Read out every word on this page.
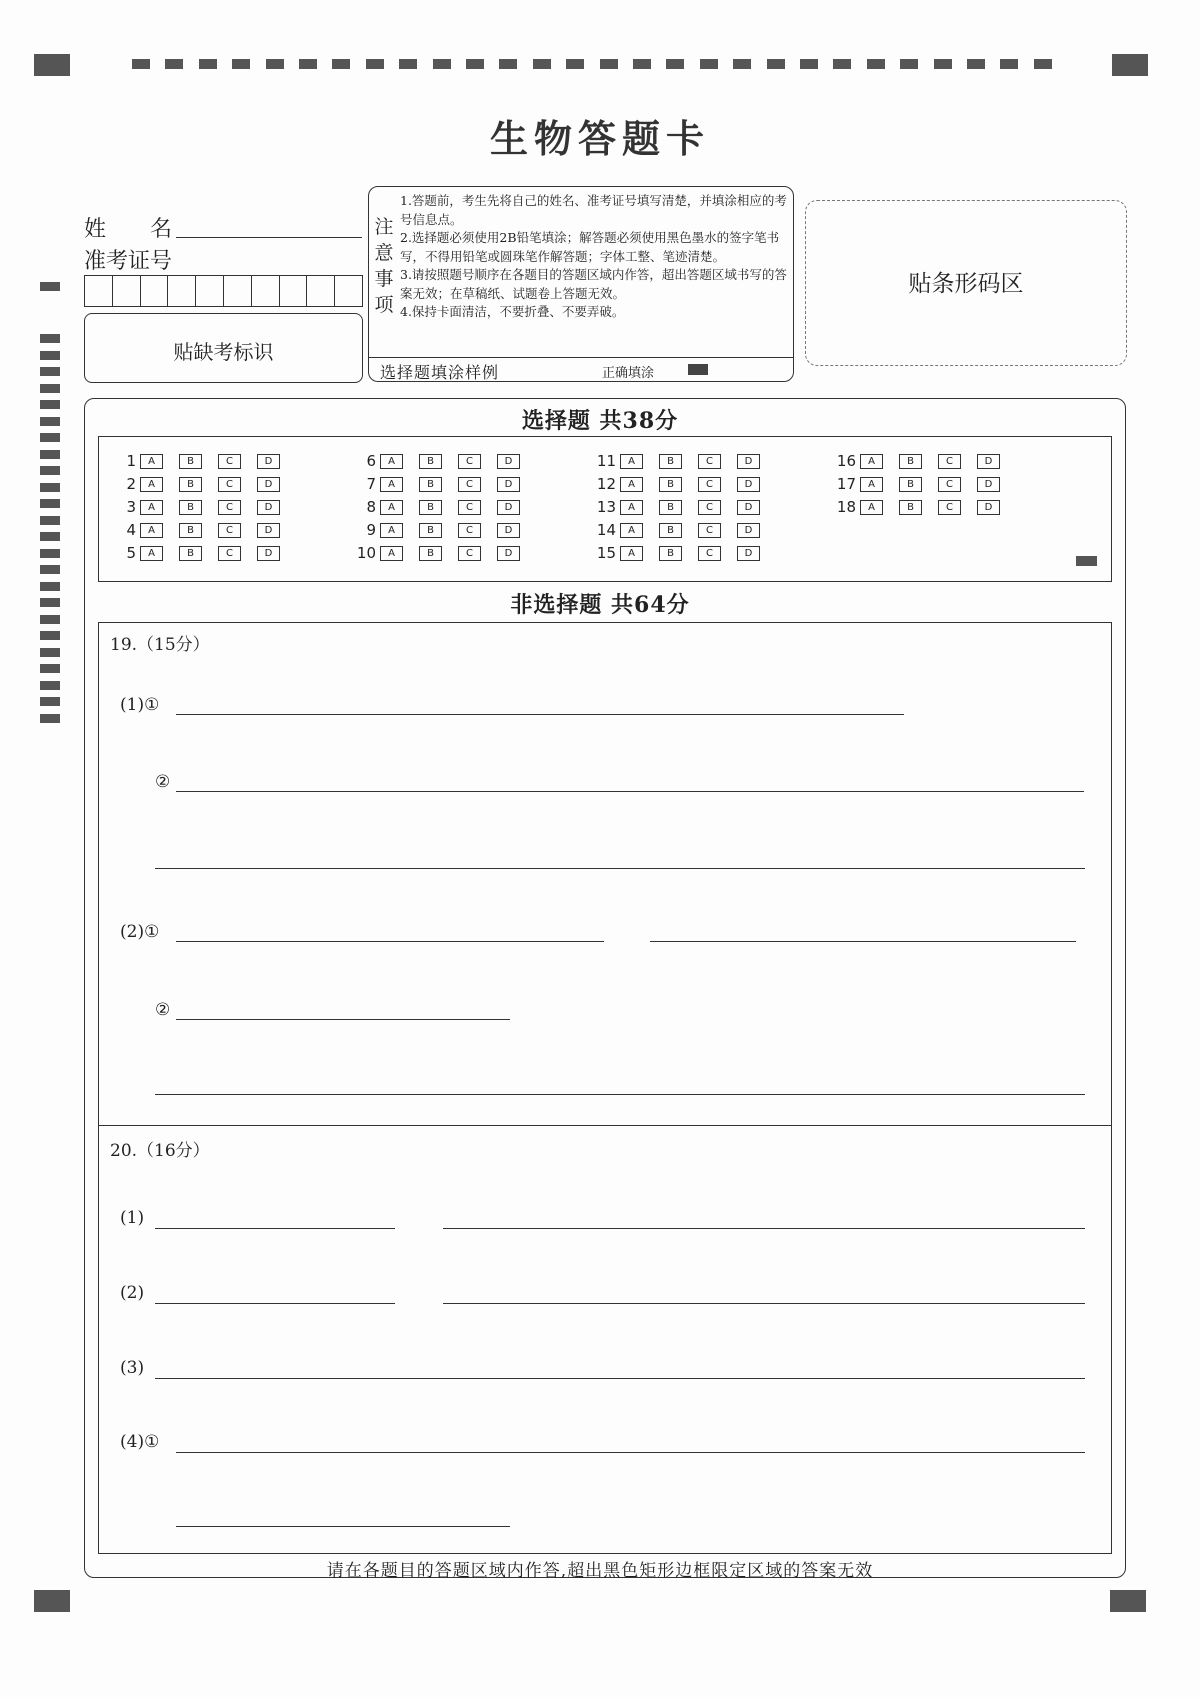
生物答题卡
姓　　名
准考证号
贴缺考标识
注意事项

1.答题前，考生先将自己的姓名、准考证号填写清楚，并填涂相应的考号信息点。

2.选择题必须使用2B铅笔填涂；解答题必须使用黑色墨水的签字笔书写，不得用铅笔或圆珠笔作解答题；字体工整、笔迹清楚。

3.请按照题号顺序在各题目的答题区域内作答，超出答题区域书写的答案无效；在草稿纸、试题卷上答题无效。

4.保持卡面清洁，不要折叠、不要弄破。

选择题填涂样例	正确填涂
贴条形码区
选择题 共38分
1	A	B	C	D
2	A	B	C	D
3	A	B	C	D
4	A	B	C	D
5	A	B	C	D
6	A	B	C	D
7	A	B	C	D
8	A	B	C	D
9	A	B	C	D
10	A	B	C	D
11	A	B	C	D
12	A	B	C	D
13	A	B	C	D
14	A	B	C	D
15	A	B	C	D
16	A	B	C	D
17	A	B	C	D
18	A	B	C	D
非选择题 共64分
19.（15分）
(1)①
②
(2)①
②
20.（16分）
(1)
(2)
(3)
(4)①
请在各题目的答题区域内作答,超出黑色矩形边框限定区域的答案无效
